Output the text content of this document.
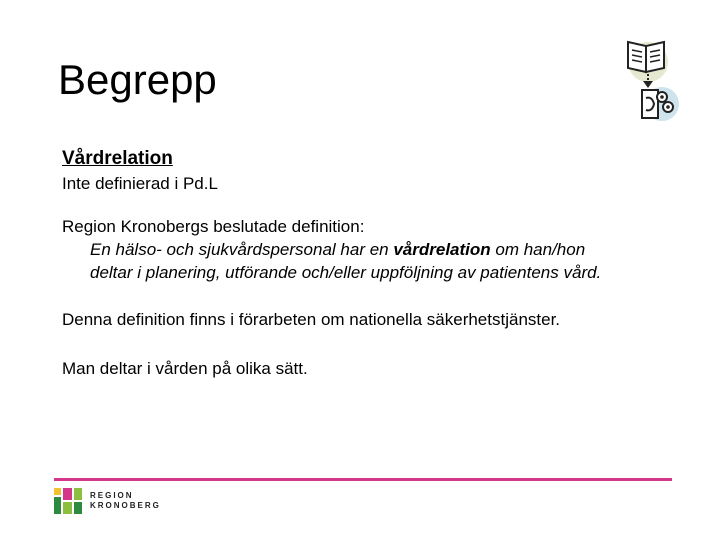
Begrepp

Vårdrelation

Inte definierad i Pd.L

Region Kronobergs beslutade definition:

En hälso- och sjukvårdspersonal har en vårdrelation om han/hon
deltar i planering, utförande och/eller uppföljning av patientens vård.

Denna definition finns i förarbeten om nationella säkerhetstjänster.

Man deltar i vården på olika sätt.

REGION
KRONOBERG
